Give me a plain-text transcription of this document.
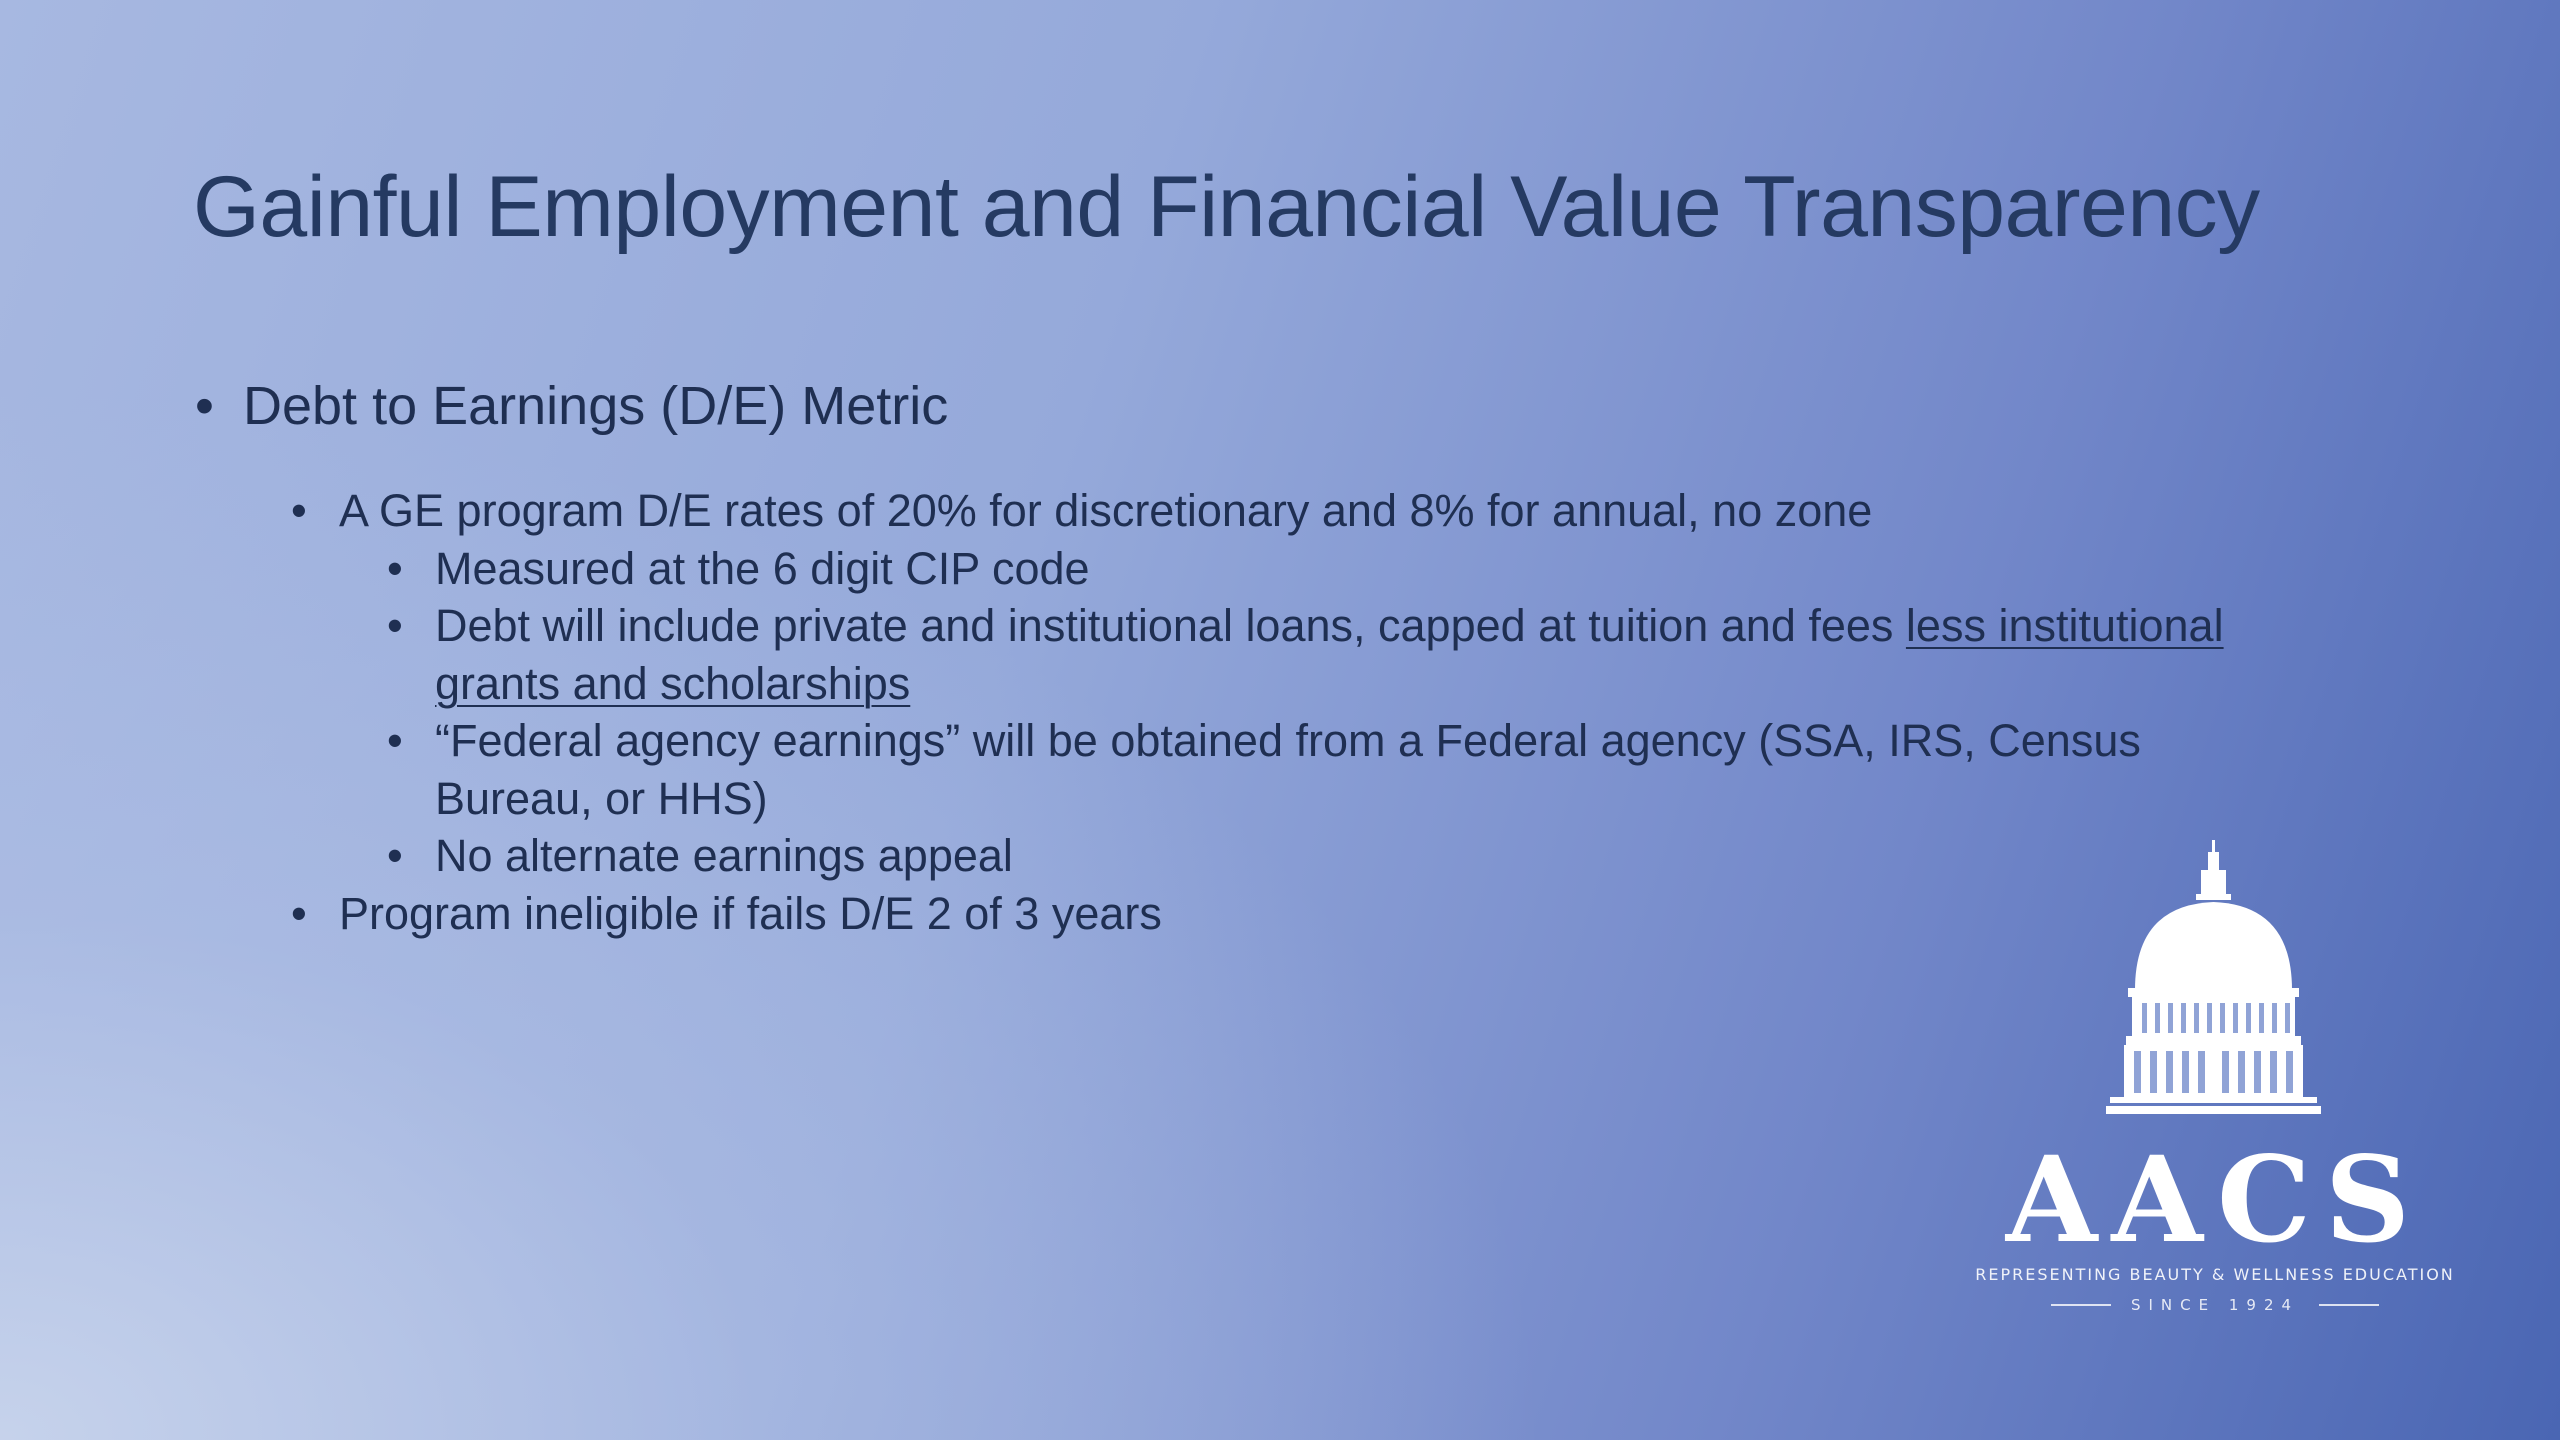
Gainful Employment and Financial Value Transparency
• Debt to Earnings (D/E) Metric
• A GE program D/E rates of 20% for discretionary and 8% for annual, no zone
• Measured at the 6 digit CIP code
• Debt will include private and institutional loans, capped at tuition and fees less institutional grants and scholarships
• “Federal agency earnings” will be obtained from a Federal agency (SSA, IRS, Census Bureau, or HHS)
• No alternate earnings appeal
• Program ineligible if fails D/E 2 of 3 years
AACS
REPRESENTING BEAUTY & WELLNESS EDUCATION
SINCE 1924
